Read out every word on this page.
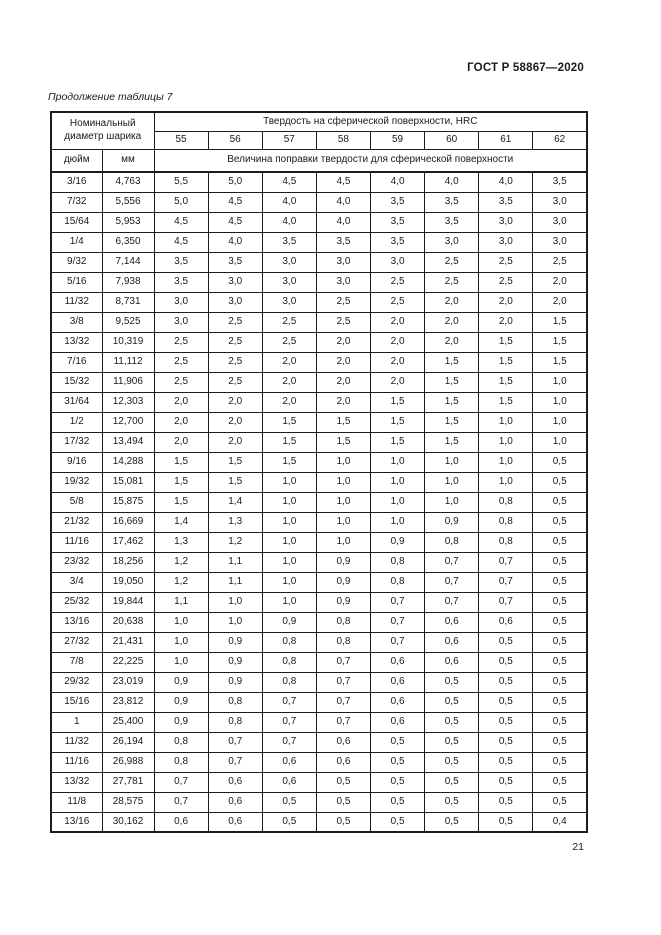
ГОСТ Р 58867—2020
Продолжение таблицы 7
Номинальный диаметр шарика		Твердость на сферической поверхности, HRC							
		55	56	57	58	59	60	61	62
дюйм	мм	Величина поправки твердости для сферической поверхности							
3/16	4,763	5,5	5,0	4,5	4,5	4,0	4,0	4,0	3,5
7/32	5,556	5,0	4,5	4,0	4,0	3,5	3,5	3,5	3,0
15/64	5,953	4,5	4,5	4,0	4,0	3,5	3,5	3,0	3,0
1/4	6,350	4,5	4,0	3,5	3,5	3,5	3,0	3,0	3,0
9/32	7,144	3,5	3,5	3,0	3,0	3,0	2,5	2,5	2,5
5/16	7,938	3,5	3,0	3,0	3,0	2,5	2,5	2,5	2,0
11/32	8,731	3,0	3,0	3,0	2,5	2,5	2,0	2,0	2,0
3/8	9,525	3,0	2,5	2,5	2,5	2,0	2,0	2,0	1,5
13/32	10,319	2,5	2,5	2,5	2,0	2,0	2,0	1,5	1,5
7/16	11,112	2,5	2,5	2,0	2,0	2,0	1,5	1,5	1,5
15/32	11,906	2,5	2,5	2,0	2,0	2,0	1,5	1,5	1,0
31/64	12,303	2,0	2,0	2,0	2,0	1,5	1,5	1,5	1,0
1/2	12,700	2,0	2,0	1,5	1,5	1,5	1,5	1,0	1,0
17/32	13,494	2,0	2,0	1,5	1,5	1,5	1,5	1,0	1,0
9/16	14,288	1,5	1,5	1,5	1,0	1,0	1,0	1,0	0,5
19/32	15,081	1,5	1,5	1,0	1,0	1,0	1,0	1,0	0,5
5/8	15,875	1,5	1,4	1,0	1,0	1,0	1,0	0,8	0,5
21/32	16,669	1,4	1,3	1,0	1,0	1,0	0,9	0,8	0,5
11/16	17,462	1,3	1,2	1,0	1,0	0,9	0,8	0,8	0,5
23/32	18,256	1,2	1,1	1,0	0,9	0,8	0,7	0,7	0,5
3/4	19,050	1,2	1,1	1,0	0,9	0,8	0,7	0,7	0,5
25/32	19,844	1,1	1,0	1,0	0,9	0,7	0,7	0,7	0,5
13/16	20,638	1,0	1,0	0,9	0,8	0,7	0,6	0,6	0,5
27/32	21,431	1,0	0,9	0,8	0,8	0,7	0,6	0,5	0,5
7/8	22,225	1,0	0,9	0,8	0,7	0,6	0,6	0,5	0,5
29/32	23,019	0,9	0,9	0,8	0,7	0,6	0,5	0,5	0,5
15/16	23,812	0,9	0,8	0,7	0,7	0,6	0,5	0,5	0,5
1	25,400	0,9	0,8	0,7	0,7	0,6	0,5	0,5	0,5
11/32	26,194	0,8	0,7	0,7	0,6	0,5	0,5	0,5	0,5
11/16	26,988	0,8	0,7	0,6	0,6	0,5	0,5	0,5	0,5
13/32	27,781	0,7	0,6	0,6	0,5	0,5	0,5	0,5	0,5
11/8	28,575	0,7	0,6	0,5	0,5	0,5	0,5	0,5	0,5
13/16	30,162	0,6	0,6	0,5	0,5	0,5	0,5	0,5	0,4
21
